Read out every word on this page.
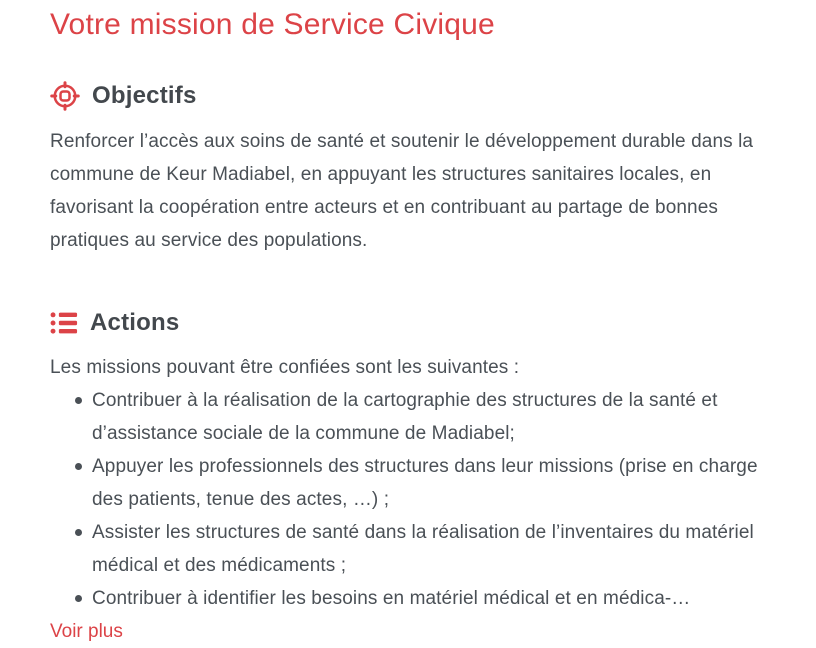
Votre mission de Service Civique
Objectifs

Renforcer l’accès aux soins de santé et soutenir le développement durable dans la commune de Keur Madiabel, en appuyant les structures sanitaires locales, en favorisant la coopération entre acteurs et en contribuant au partage de bonnes pratiques au service des populations.

Actions

Les missions pouvant être confiées sont les suivantes :

Contribuer à la réalisation de la cartographie des structures de la santé et d’assistance sociale de la commune de Madiabel;
Appuyer les professionnels des structures dans leur missions (prise en charge des patients, tenue des actes, …) ;
Assister les structures de santé dans la réalisation de l’inventaires du matériel médical et des médicaments ;
Contribuer à identifier les besoins en matériel médical et en médica-…
Voir plus
